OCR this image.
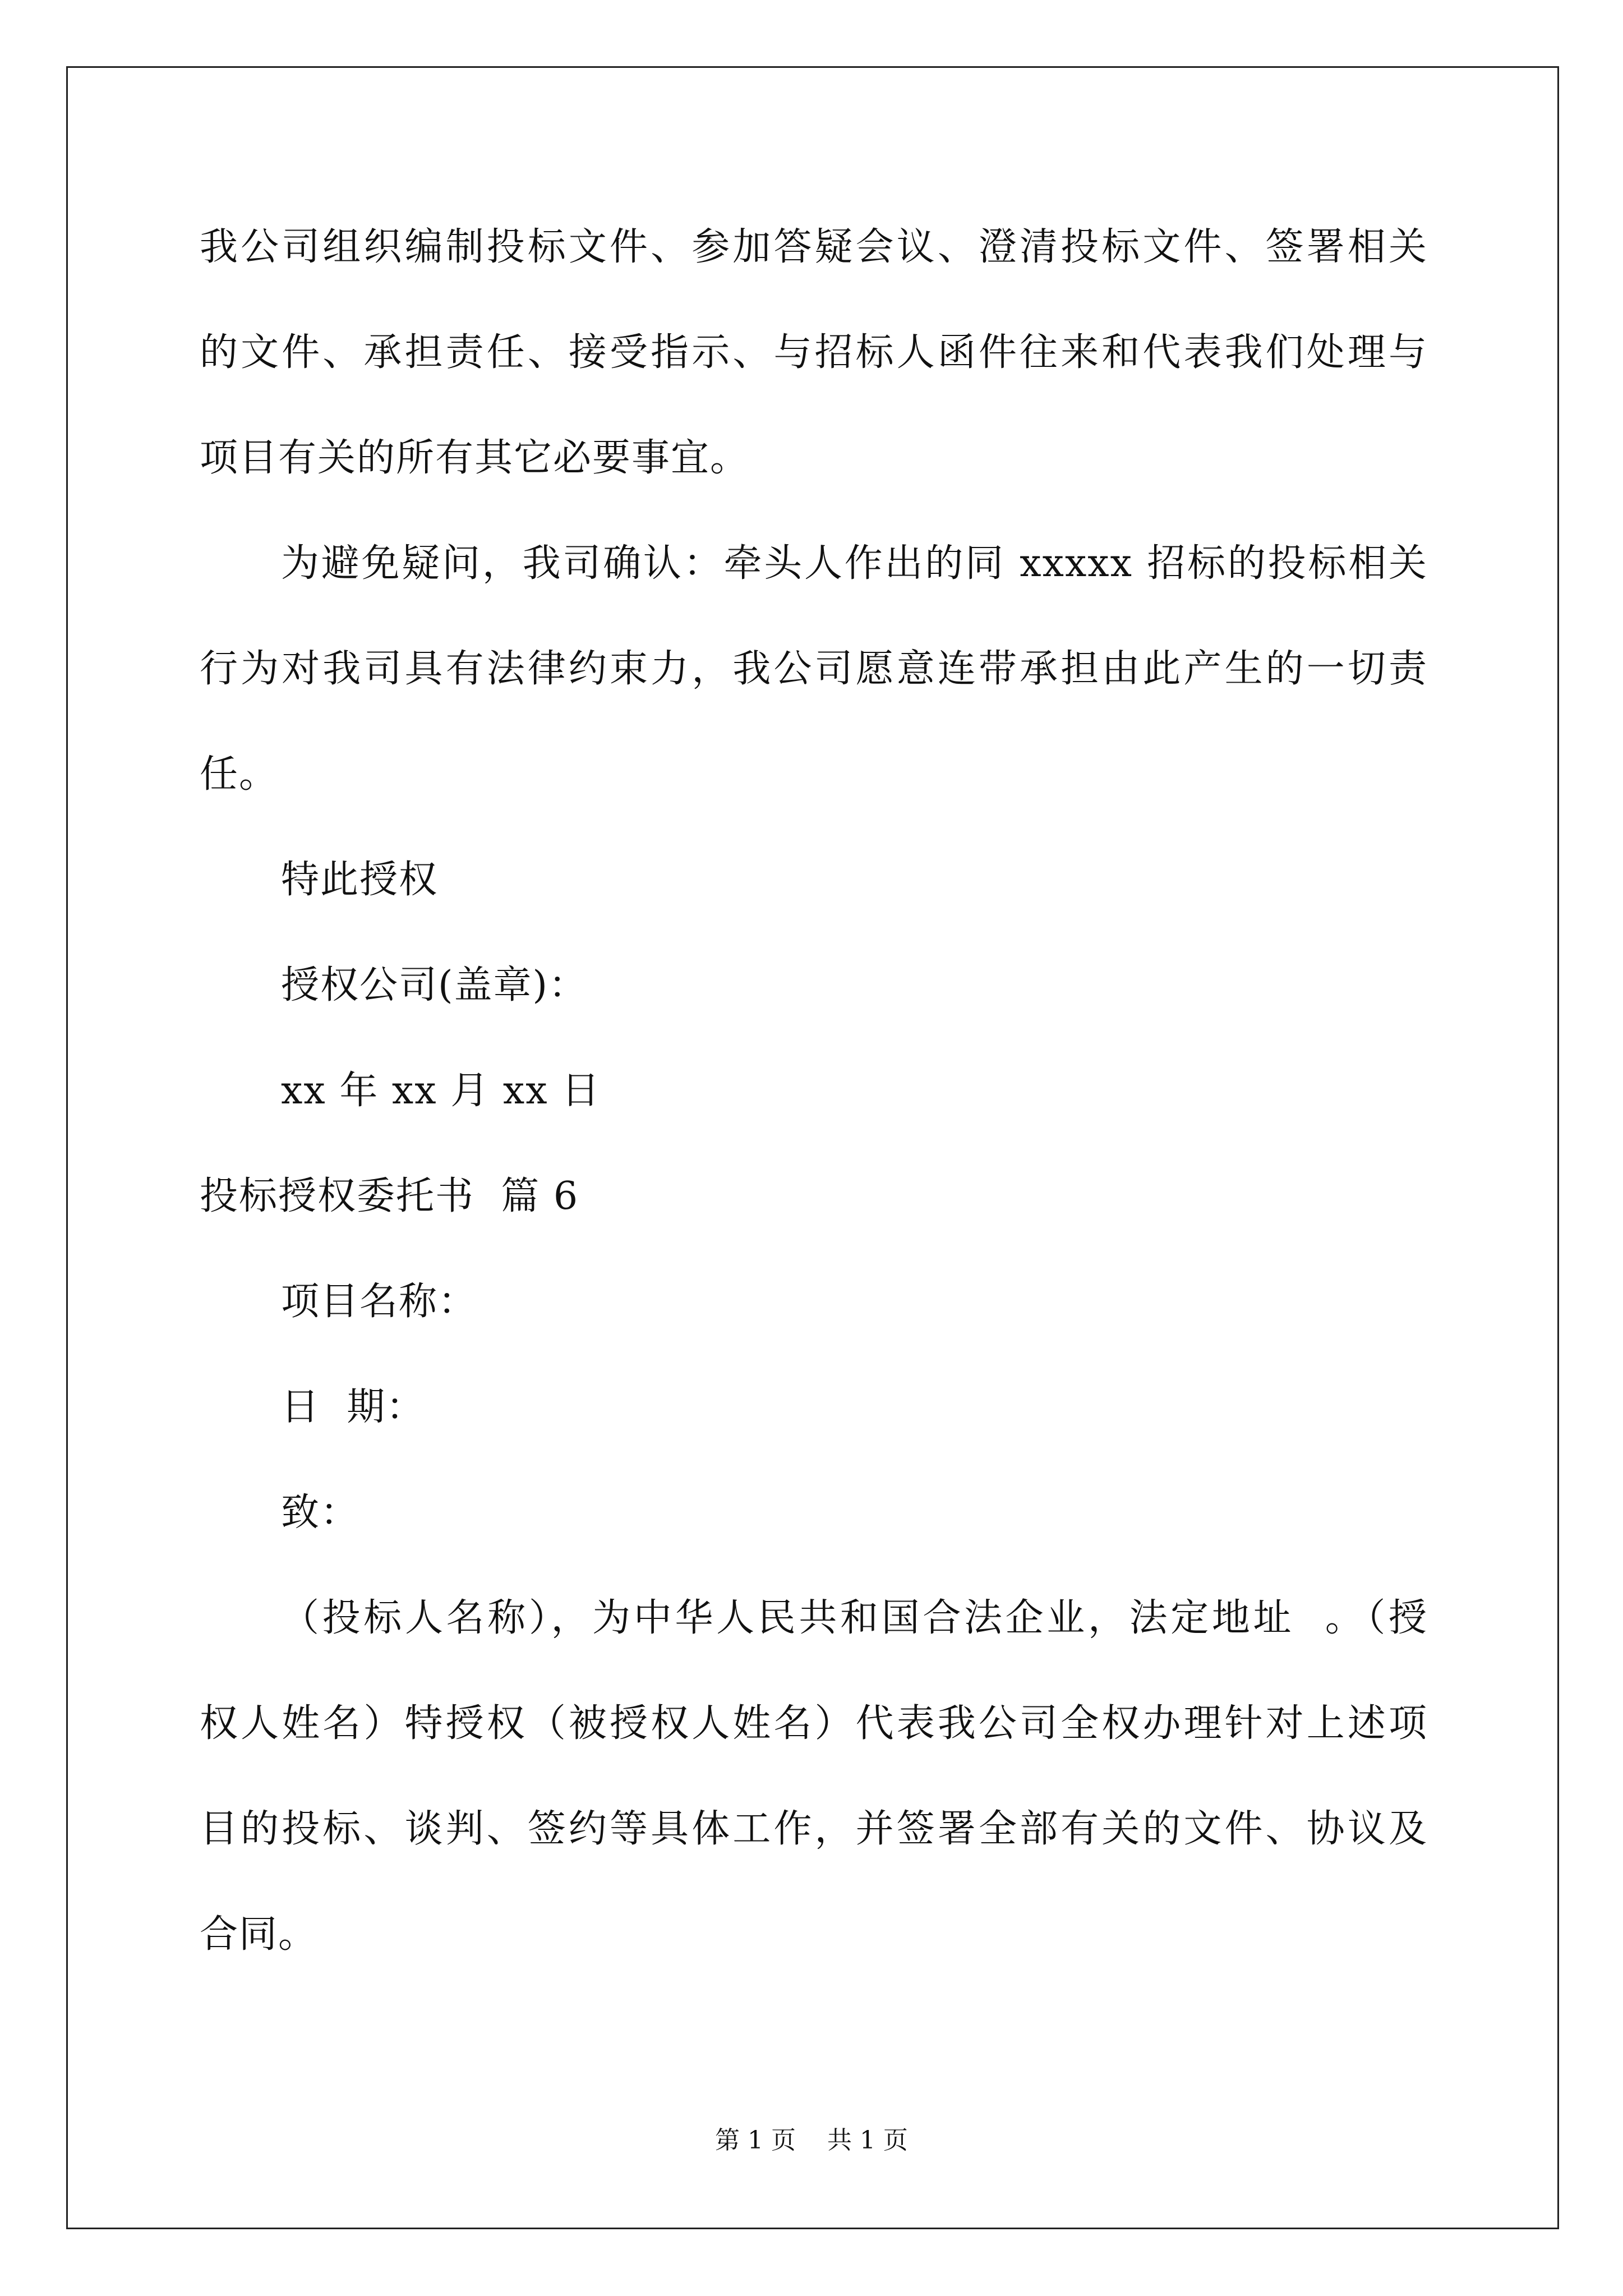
我公司组织编制投标文件、参加答疑会议、澄清投标文件、签署相关
的文件、承担责任、接受指示、与招标人函件往来和代表我们处理与
项目有关的所有其它必要事宜。
为避免疑问，我司确认：牵头人作出的同 xxxxx 招标的投标相关
行为对我司具有法律约束力，我公司愿意连带承担由此产生的一切责
任。
特此授权
授权公司(盖章)：
xx 年 xx 月 xx 日
投标授权委托书  篇 6
项目名称：
日  期：
致：
（投标人名称），为中华人民共和国合法企业，法定地址  。（授
权人姓名）特授权（被授权人姓名）代表我公司全权办理针对上述项
目的投标、谈判、签约等具体工作，并签署全部有关的文件、协议及
合同。
第 1 页    共 1 页
